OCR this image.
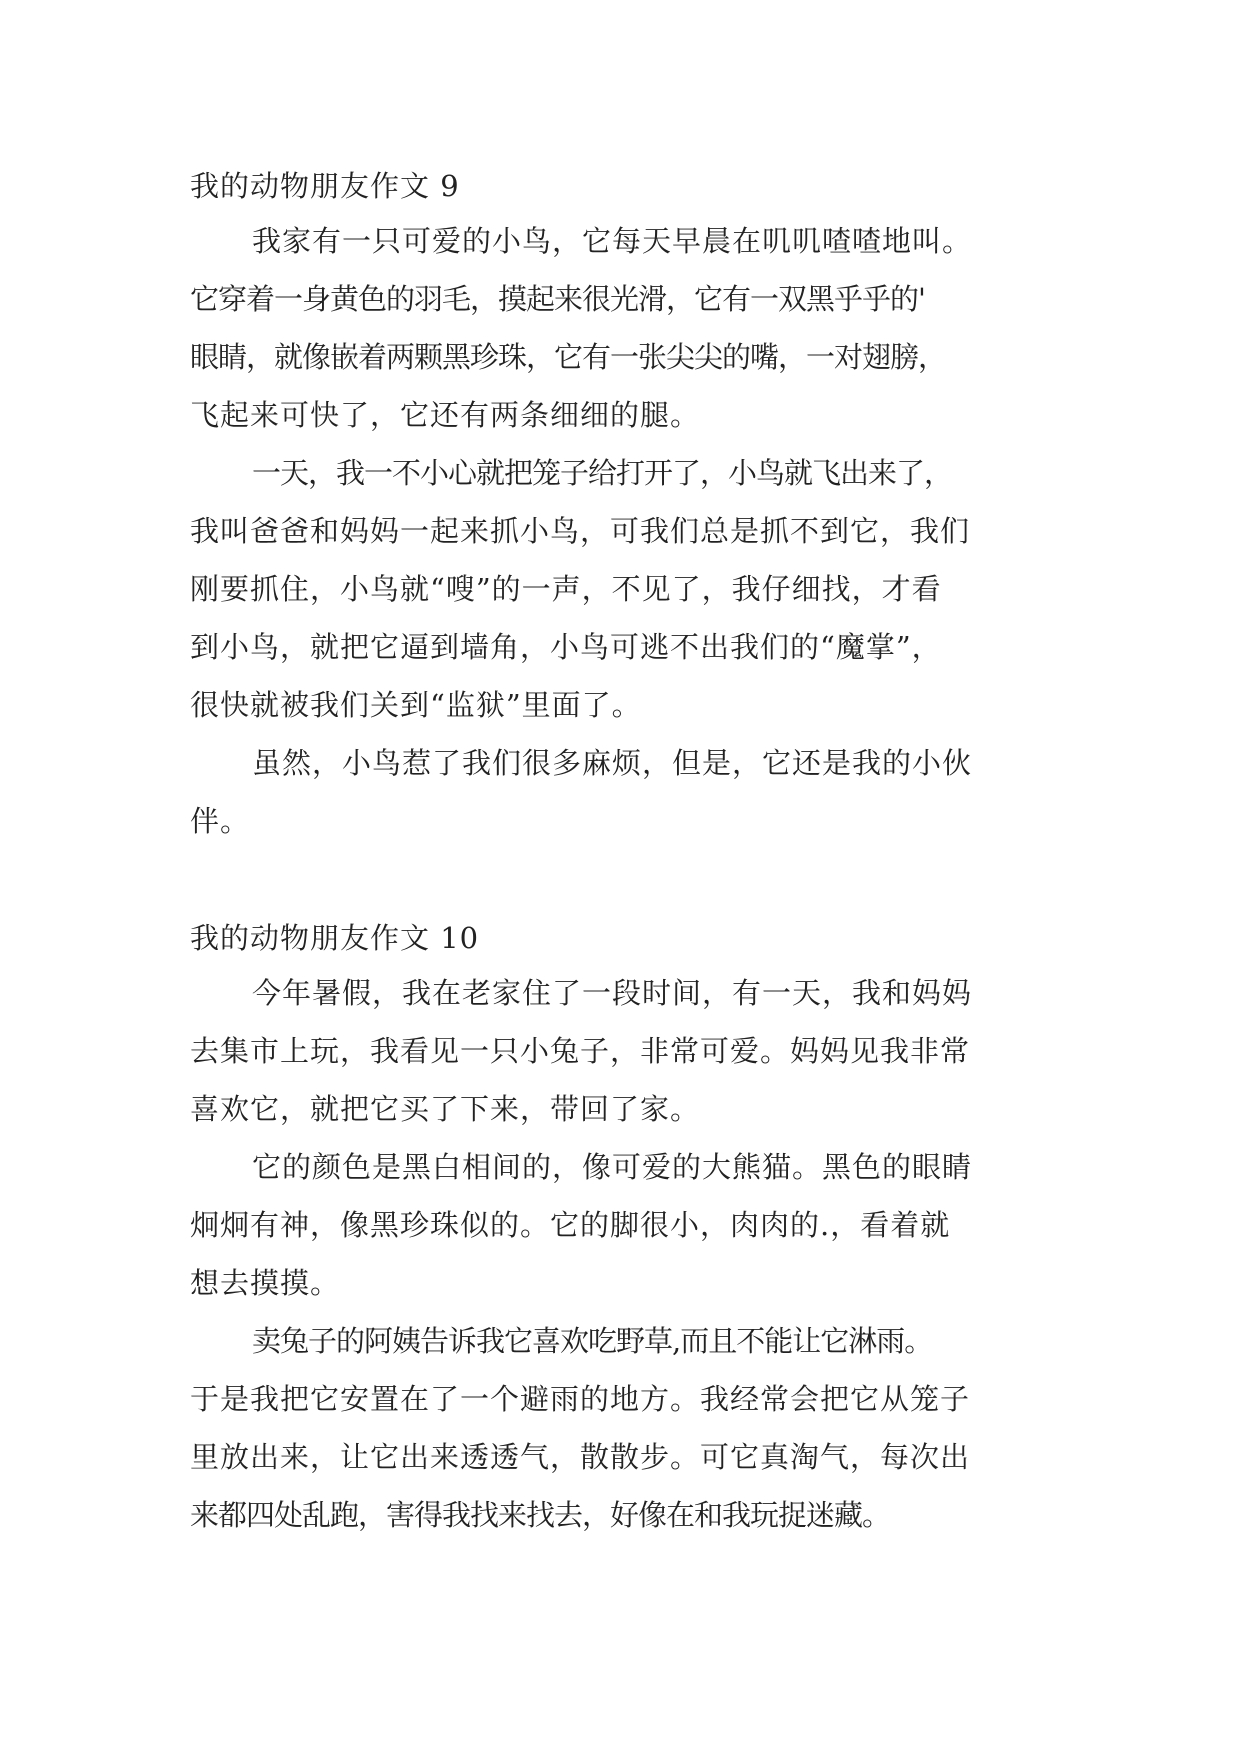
我的动物朋友作文 9
我家有一只可爱的小鸟，它每天早晨在叽叽喳喳地叫。
它穿着一身黄色的羽毛，摸起来很光滑，它有一双黑乎乎的'
眼睛，就像嵌着两颗黑珍珠，它有一张尖尖的嘴，一对翅膀，
飞起来可快了，它还有两条细细的腿。
一天，我一不小心就把笼子给打开了，小鸟就飞出来了，
我叫爸爸和妈妈一起来抓小鸟，可我们总是抓不到它，我们
刚要抓住，小鸟就“嗖”的一声，不见了，我仔细找，才看
到小鸟，就把它逼到墙角，小鸟可逃不出我们的“魔掌”，
很快就被我们关到“监狱”里面了。
虽然，小鸟惹了我们很多麻烦，但是，它还是我的小伙
伴。
我的动物朋友作文 10
今年暑假，我在老家住了一段时间，有一天，我和妈妈
去集市上玩，我看见一只小兔子，非常可爱。妈妈见我非常
喜欢它，就把它买了下来，带回了家。
它的颜色是黑白相间的，像可爱的大熊猫。黑色的眼睛
炯炯有神，像黑珍珠似的。它的脚很小，肉肉的.，看着就
想去摸摸。
卖兔子的阿姨告诉我它喜欢吃野草,而且不能让它淋雨。
于是我把它安置在了一个避雨的地方。我经常会把它从笼子
里放出来，让它出来透透气，散散步。可它真淘气，每次出
来都四处乱跑，害得我找来找去，好像在和我玩捉迷藏。
